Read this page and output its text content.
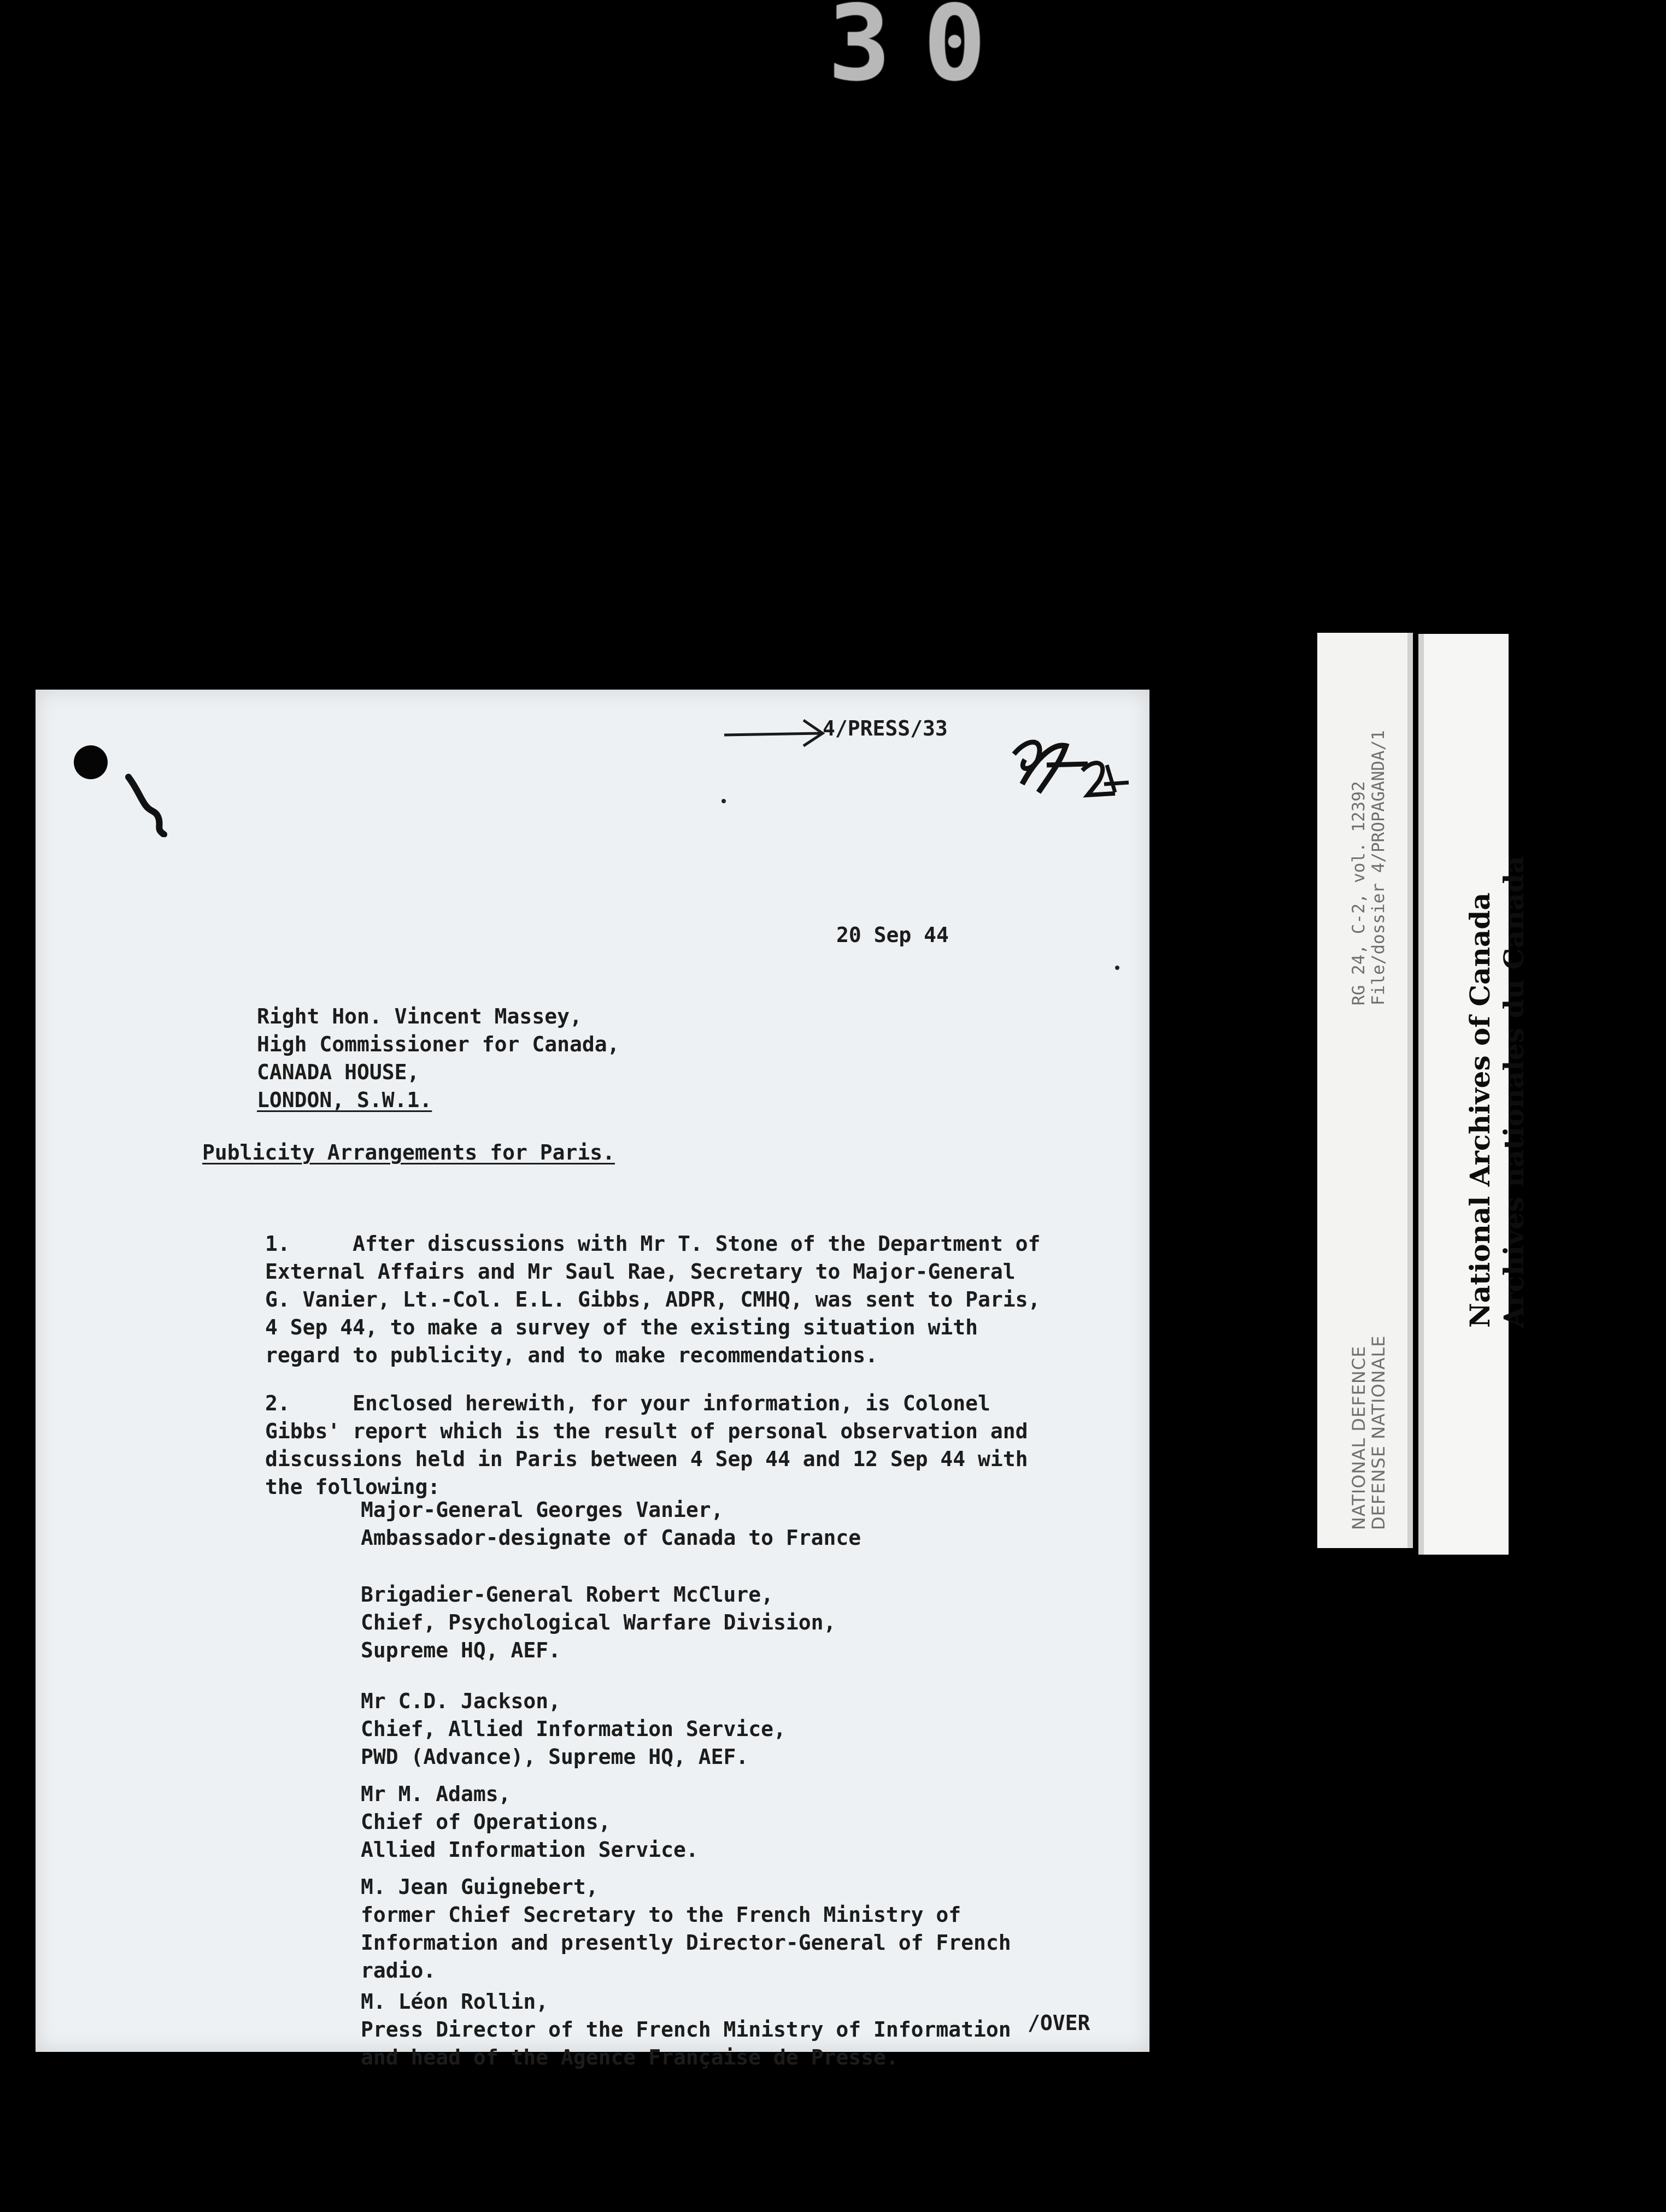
30
4/PRESS/33
20 Sep 44

Right Hon. Vincent Massey,
High Commissioner for Canada,
CANADA HOUSE,
LONDON, S.W.1.
Publicity Arrangements for Paris.

1.     After discussions with Mr T. Stone of the Department of
External Affairs and Mr Saul Rae, Secretary to Major-General
G. Vanier, Lt.-Col. E.L. Gibbs, ADPR, CMHQ, was sent to Paris,
4 Sep 44, to make a survey of the existing situation with
regard to publicity, and to make recommendations.

2.     Enclosed herewith, for your information, is Colonel
Gibbs' report which is the result of personal observation and
discussions held in Paris between 4 Sep 44 and 12 Sep 44 with
the following:

Major-General Georges Vanier,
Ambassador-designate of Canada to France

Brigadier-General Robert McClure,
Chief, Psychological Warfare Division,
Supreme HQ, AEF.

Mr C.D. Jackson,
Chief, Allied Information Service,
PWD (Advance), Supreme HQ, AEF.

Mr M. Adams,
Chief of Operations,
Allied Information Service.

M. Jean Guignebert,
former Chief Secretary to the French Ministry of
Information and presently Director-General of French
radio.

M. Léon Rollin,
Press Director of the French Ministry of Information
and head of the Agence Française de Presse.
/OVER

RG 24, C-2, vol. 12392
File/dossier 4/PROPAGANDA/1

NATIONAL DEFENCE
DEFENSE NATIONALE

National Archives of Canada
Archives nationales du Canada
